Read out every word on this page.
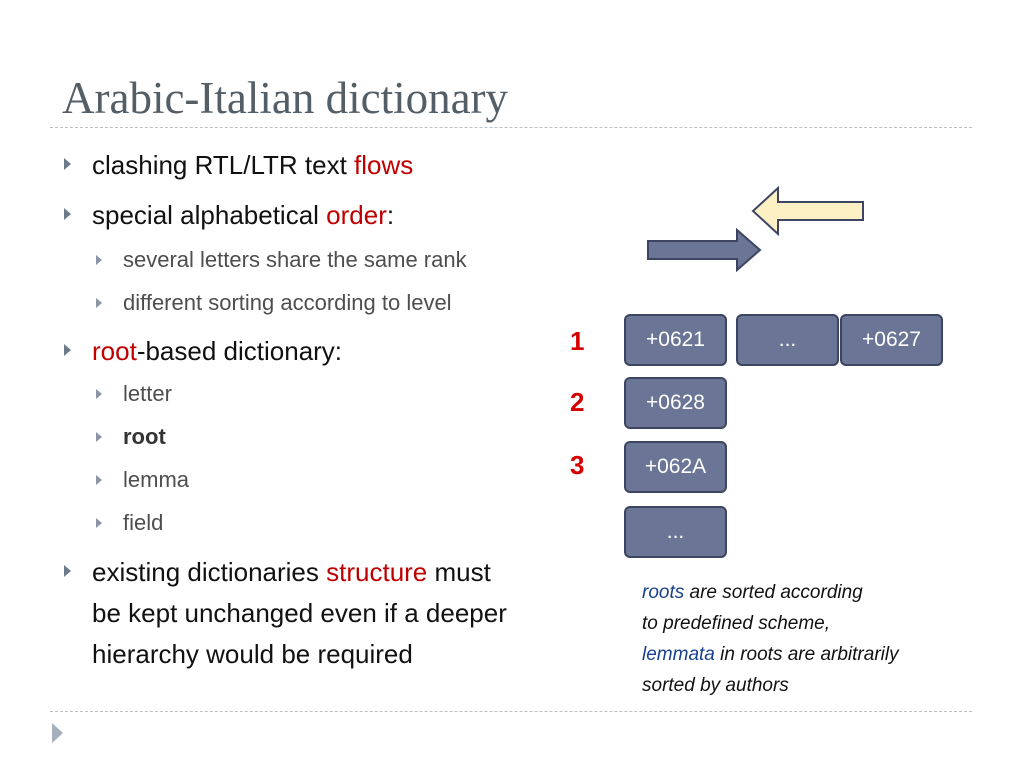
Arabic-Italian dictionary
clashing RTL/LTR text flows
special alphabetical order:
several letters share the same rank
different sorting according to level
root-based dictionary:
letter
root
lemma
field
existing dictionaries structure must
be kept unchanged even if a deeper
hierarchy would be required
1
2
3
+0621	...	+0627
+0628
+062A
...
roots are sorted according
to predefined scheme,
lemmata in roots are arbitrarily
sorted by authors
